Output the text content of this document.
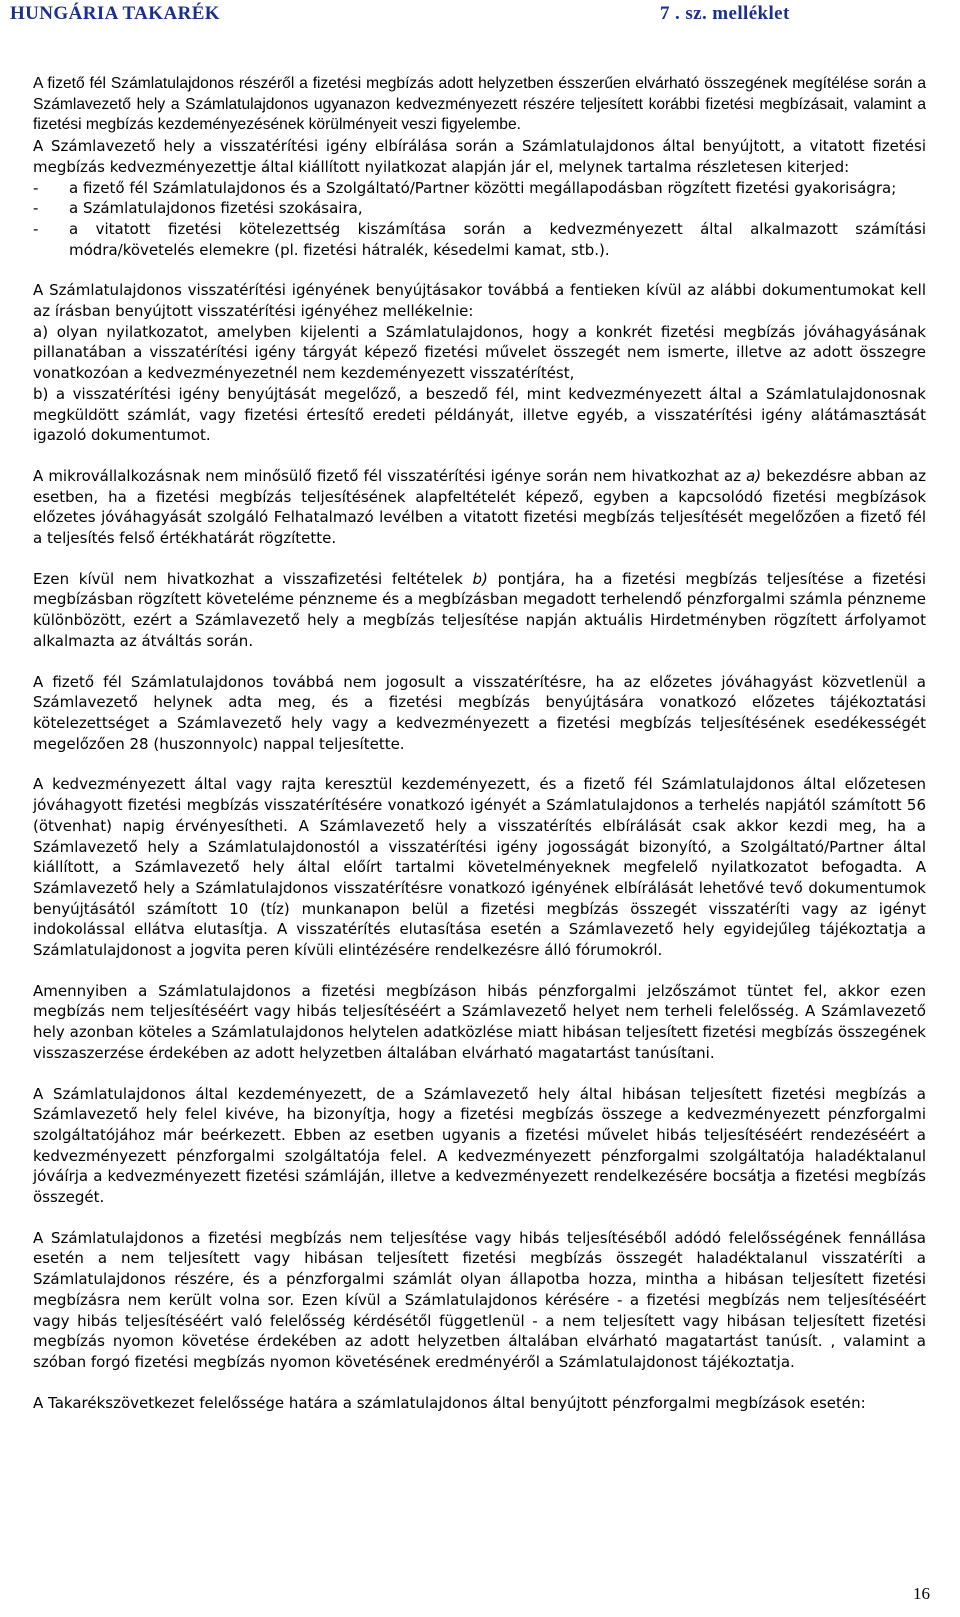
HUNGÁRIA TAKARÉK	7 . sz. melléklet

A fizető fél Számlatulajdonos részéről a fizetési megbízás adott helyzetben ésszerűen elvárható összegének megítélése során a Számlavezető hely a Számlatulajdonos ugyanazon kedvezményezett részére teljesített korábbi fizetési megbízásait, valamint a fizetési megbízás kezdeményezésének körülményeit veszi figyelembe.

A Számlavezető hely a visszatérítési igény elbírálása során a Számlatulajdonos által benyújtott, a vitatott fizetési megbízás kedvezményezettje által kiállított nyilatkozat alapján jár el, melynek tartalma részletesen kiterjed:

-	a fizető fél Számlatulajdonos és a Szolgáltató/Partner közötti megállapodásban rögzített fizetési gyakoriságra;
-	a Számlatulajdonos fizetési szokásaira,
-	a vitatott fizetési kötelezettség kiszámítása során a kedvezményezett által alkalmazott számítási módra/követelés elemekre (pl. fizetési hátralék, késedelmi kamat, stb.).

A Számlatulajdonos visszatérítési igényének benyújtásakor továbbá a fentieken kívül az alábbi dokumentumokat kell az írásban benyújtott visszatérítési igényéhez mellékelnie:

a) olyan nyilatkozatot, amelyben kijelenti a Számlatulajdonos, hogy a konkrét fizetési megbízás jóváhagyásának pillanatában a visszatérítési igény tárgyát képező fizetési művelet összegét nem ismerte, illetve az adott összegre vonatkozóan a kedvezményezetnél nem kezdeményezett visszatérítést,

b) a visszatérítési igény benyújtását megelőző, a beszedő fél, mint kedvezményezett által a Számlatulajdonosnak megküldött számlát, vagy fizetési értesítő eredeti példányát, illetve egyéb, a visszatérítési igény alátámasztását igazoló dokumentumot.

A mikrovállalkozásnak nem minősülő fizető fél visszatérítési igénye során nem hivatkozhat az a) bekezdésre abban az esetben, ha a fizetési megbízás teljesítésének alapfeltételét képező, egyben a kapcsolódó fizetési megbízások előzetes jóváhagyását szolgáló Felhatalmazó levélben a vitatott fizetési megbízás teljesítését megelőzően a fizető fél a teljesítés felső értékhatárát rögzítette.

Ezen kívül nem hivatkozhat a visszafizetési feltételek b) pontjára, ha a fizetési megbízás teljesítése a fizetési megbízásban rögzített követeléme pénzneme és a megbízásban megadott terhelendő pénzforgalmi számla pénzneme különbözött, ezért a Számlavezető hely a megbízás teljesítése napján aktuális Hirdetményben rögzített árfolyamot alkalmazta az átváltás során.

A fizető fél Számlatulajdonos továbbá nem jogosult a visszatérítésre, ha az előzetes jóváhagyást közvetlenül a Számlavezető helynek adta meg, és a fizetési megbízás benyújtására vonatkozó előzetes tájékoztatási kötelezettséget a Számlavezető hely vagy a kedvezményezett a fizetési megbízás teljesítésének esedékességét megelőzően 28 (huszonnyolc) nappal teljesítette.

A kedvezményezett által vagy rajta keresztül kezdeményezett, és a fizető fél Számlatulajdonos által előzetesen jóváhagyott fizetési megbízás visszatérítésére vonatkozó igényét a Számlatulajdonos a terhelés napjától számított 56 (ötvenhat) napig érvényesítheti. A Számlavezető hely a visszatérítés elbírálását csak akkor kezdi meg, ha a Számlavezető hely a Számlatulajdonostól a visszatérítési igény jogosságát bizonyító, a Szolgáltató/Partner által kiállított, a Számlavezető hely által előírt tartalmi követelményeknek megfelelő nyilatkozatot befogadta. A Számlavezető hely a Számlatulajdonos visszatérítésre vonatkozó igényének elbírálását lehetővé tevő dokumentumok benyújtásától számított 10 (tíz) munkanapon belül a fizetési megbízás összegét visszatéríti vagy az igényt indokolással ellátva elutasítja. A visszatérítés elutasítása esetén a Számlavezető hely egyidejűleg tájékoztatja a Számlatulajdonost a jogvita peren kívüli elintézésére rendelkezésre álló fórumokról.

Amennyiben a Számlatulajdonos a fizetési megbízáson hibás pénzforgalmi jelzőszámot tüntet fel, akkor ezen megbízás nem teljesítéséért vagy hibás teljesítéséért a Számlavezető helyet nem terheli felelősség. A Számlavezető hely azonban köteles a Számlatulajdonos helytelen adatközlése miatt hibásan teljesített fizetési megbízás összegének visszaszerzése érdekében az adott helyzetben általában elvárható magatartást tanúsítani.

A Számlatulajdonos által kezdeményezett, de a Számlavezető hely által hibásan teljesített fizetési megbízás a Számlavezető hely felel kivéve, ha bizonyítja, hogy a fizetési megbízás összege a kedvezményezett pénzforgalmi szolgáltatójához már beérkezett. Ebben az esetben ugyanis a fizetési művelet hibás teljesítéséért rendezéséért a kedvezményezett pénzforgalmi szolgáltatója felel. A kedvezményezett pénzforgalmi szolgáltatója haladéktalanul jóváírja a kedvezményezett fizetési számláján, illetve a kedvezményezett rendelkezésére bocsátja a fizetési megbízás összegét.

A Számlatulajdonos a fizetési megbízás nem teljesítése vagy hibás teljesítéséből adódó felelősségének fennállása esetén a nem teljesített vagy hibásan teljesített fizetési megbízás összegét haladéktalanul visszatéríti a Számlatulajdonos részére, és a pénzforgalmi számlát olyan állapotba hozza, mintha a hibásan teljesített fizetési megbízásra nem került volna sor. Ezen kívül a Számlatulajdonos kérésére - a fizetési megbízás nem teljesítéséért vagy hibás teljesítéséért való felelősség kérdésétől függetlenül - a nem teljesített vagy hibásan teljesített fizetési megbízás nyomon követése érdekében az adott helyzetben általában elvárható magatartást tanúsít. , valamint a szóban forgó fizetési megbízás nyomon követésének eredményéről a Számlatulajdonost tájékoztatja.

A Takarékszövetkezet felelőssége határa a számlatulajdonos által benyújtott pénzforgalmi megbízások esetén:

16
